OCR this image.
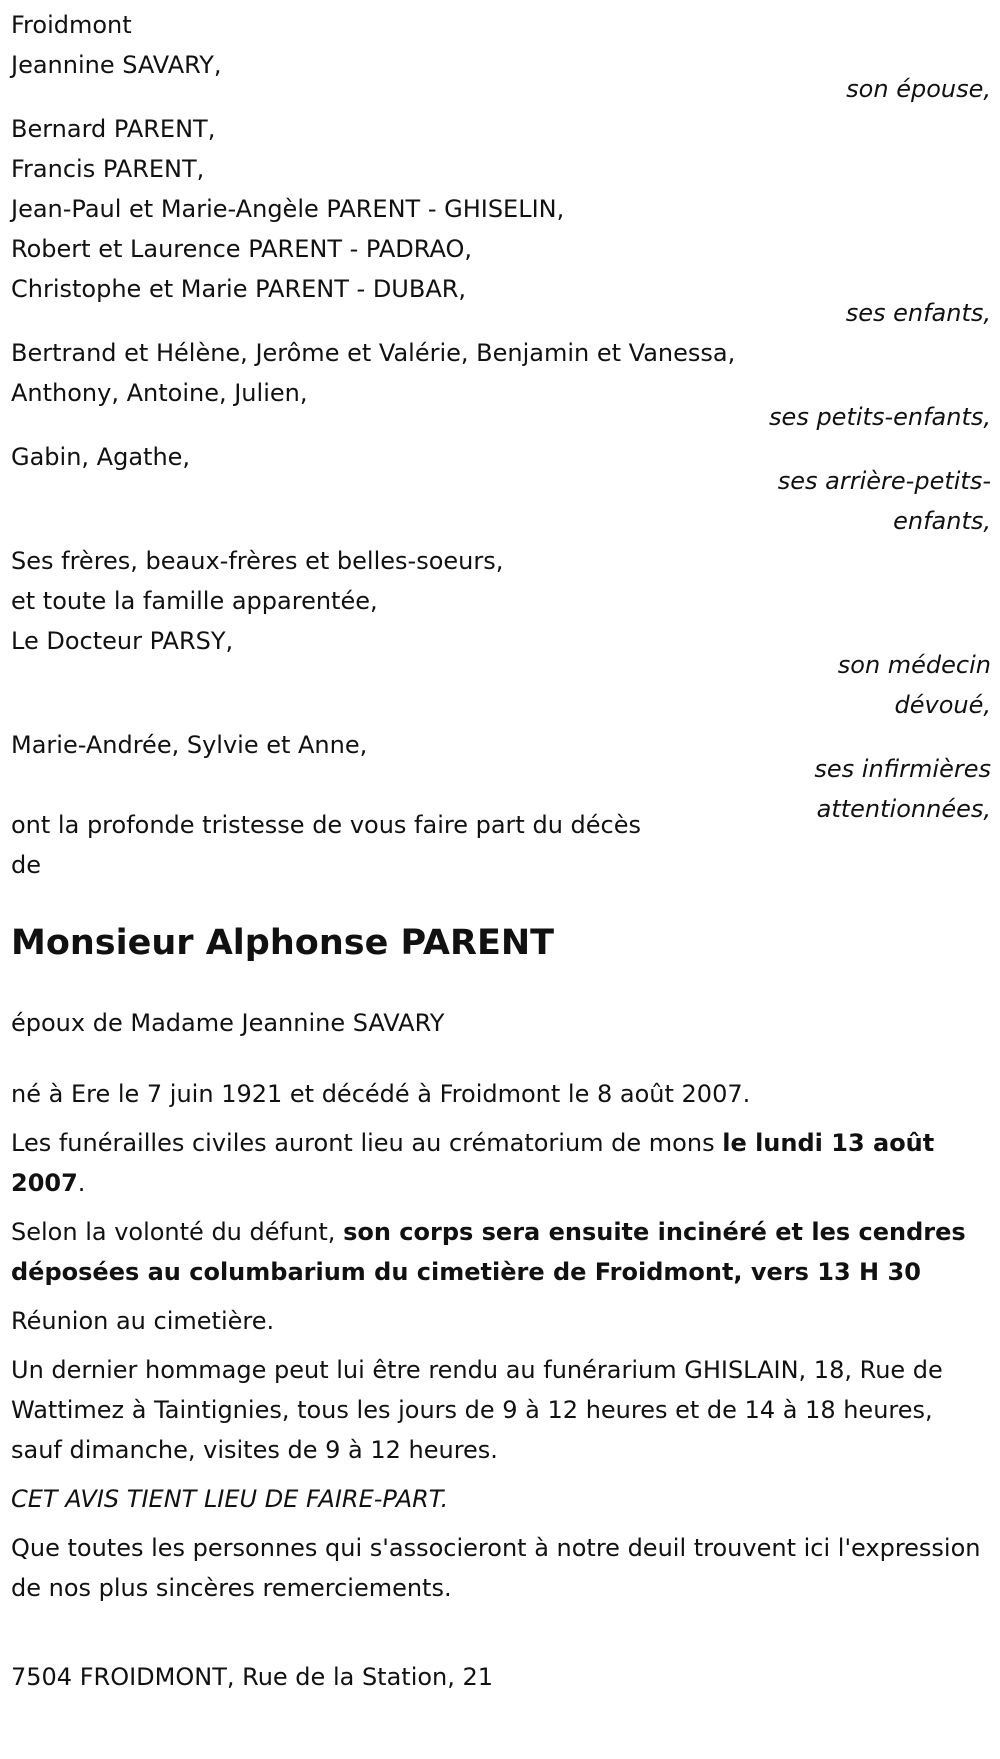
Froidmont
Jeannine SAVARY,
son épouse,
Bernard PARENT,
Francis PARENT,
Jean-Paul et Marie-Angèle PARENT - GHISELIN,
Robert et Laurence PARENT - PADRAO,
Christophe et Marie PARENT - DUBAR,
ses enfants,
Bertrand et Hélène, Jerôme et Valérie, Benjamin et Vanessa,
Anthony, Antoine, Julien,
ses petits-enfants,
Gabin, Agathe,
ses arrière-petits-
enfants,
Ses frères, beaux-frères et belles-soeurs,
et toute la famille apparentée,
Le Docteur PARSY,
son médecin
dévoué,
ses infirmières
attentionnées,
Marie-Andrée, Sylvie et Anne,
ont la profonde tristesse de vous faire part du décès
de
Monsieur Alphonse PARENT

époux de Madame Jeannine SAVARY

né à Ere le 7 juin 1921 et décédé à Froidmont le 8 août 2007.

Les funérailles civiles auront lieu au crématorium de mons le lundi 13 août 2007.

Selon la volonté du défunt, son corps sera ensuite incinéré et les cendres déposées au columbarium du cimetière de Froidmont, vers 13 H 30

Réunion au cimetière.

Un dernier hommage peut lui être rendu au funérarium GHISLAIN, 18, Rue de Wattimez à Taintignies, tous les jours de 9 à 12 heures et de 14 à 18 heures, sauf dimanche, visites de 9 à 12 heures.

CET AVIS TIENT LIEU DE FAIRE-PART.

Que toutes les personnes qui s'associeront à notre deuil trouvent ici l'expression de nos plus sincères remerciements.

7504 FROIDMONT, Rue de la Station, 21
